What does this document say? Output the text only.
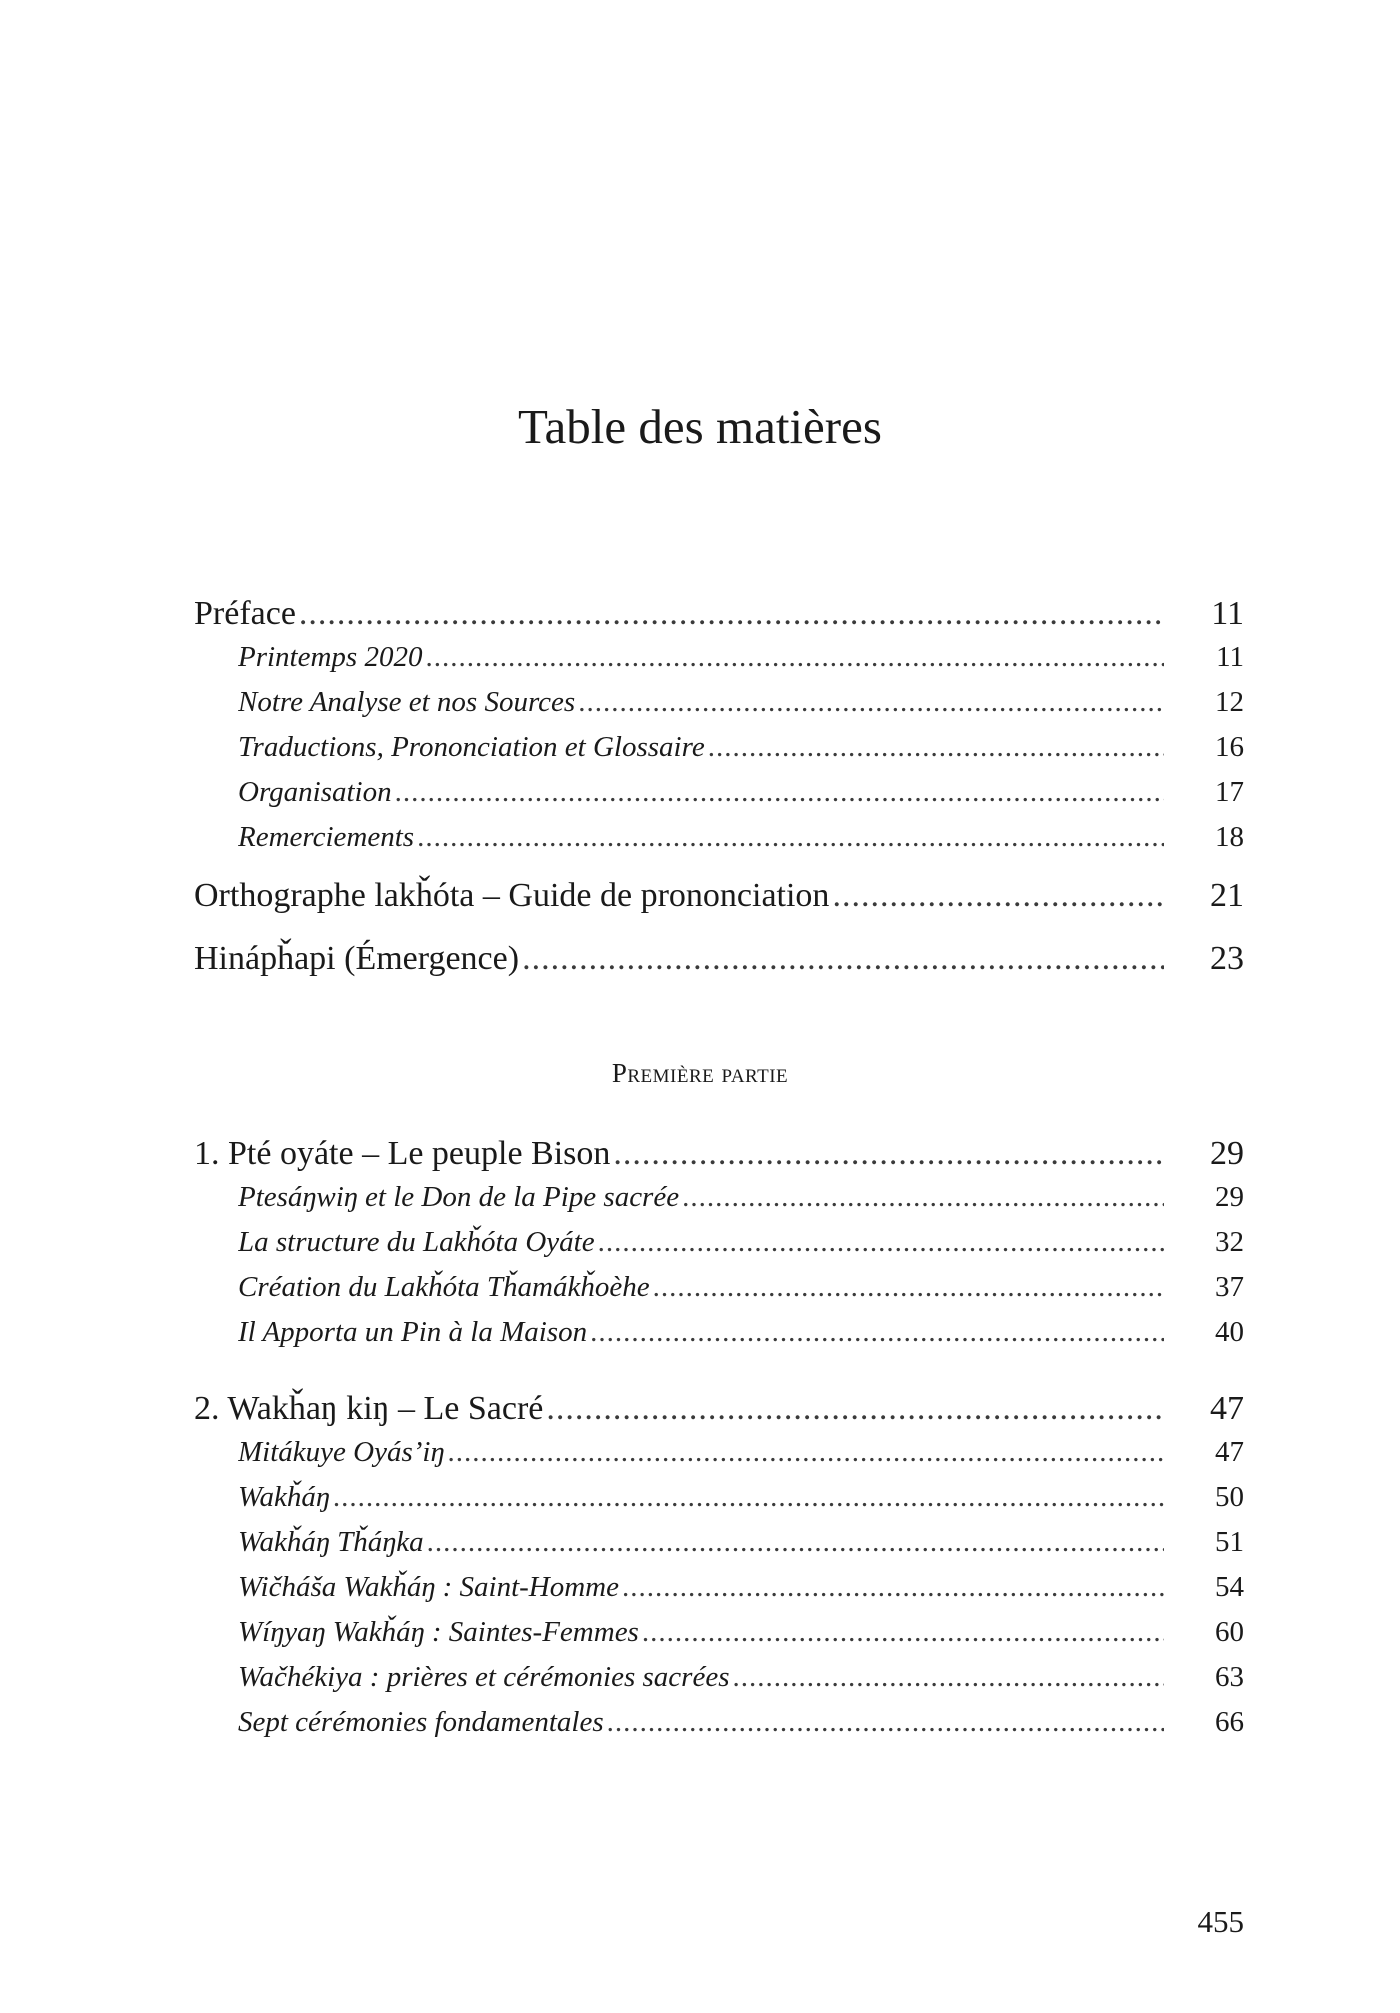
Table des matières
Préface .....	11
Printemps 2020 .....	11
Notre Analyse et nos Sources .....	12
Traductions, Prononciation et Glossaire .....	16
Organisation .....	17
Remerciements .....	18
Orthographe lakȟóta – Guide de prononciation .....	21
Hinápȟapi (Émergence) .....	23
Première partie
1. Pté oyáte – Le peuple Bison .....	29
Ptesáŋwiŋ et le Don de la Pipe sacrée .....	29
La structure du Lakȟóta Oyáte .....	32
Création du Lakȟóta Tȟamákȟoèhe .....	37
Il Apporta un Pin à la Maison .....	40
2. Wakȟaŋ kiŋ – Le Sacré .....	47
Mitákuye Oyás’iŋ .....	47
Wakȟáŋ .....	50
Wakȟáŋ Tȟáŋka .....	51
Wičháša Wakȟáŋ : Saint-Homme .....	54
Wíŋyaŋ Wakȟáŋ : Saintes-Femmes .....	60
Wačhékiya : prières et cérémonies sacrées .....	63
Sept cérémonies fondamentales .....	66
455
